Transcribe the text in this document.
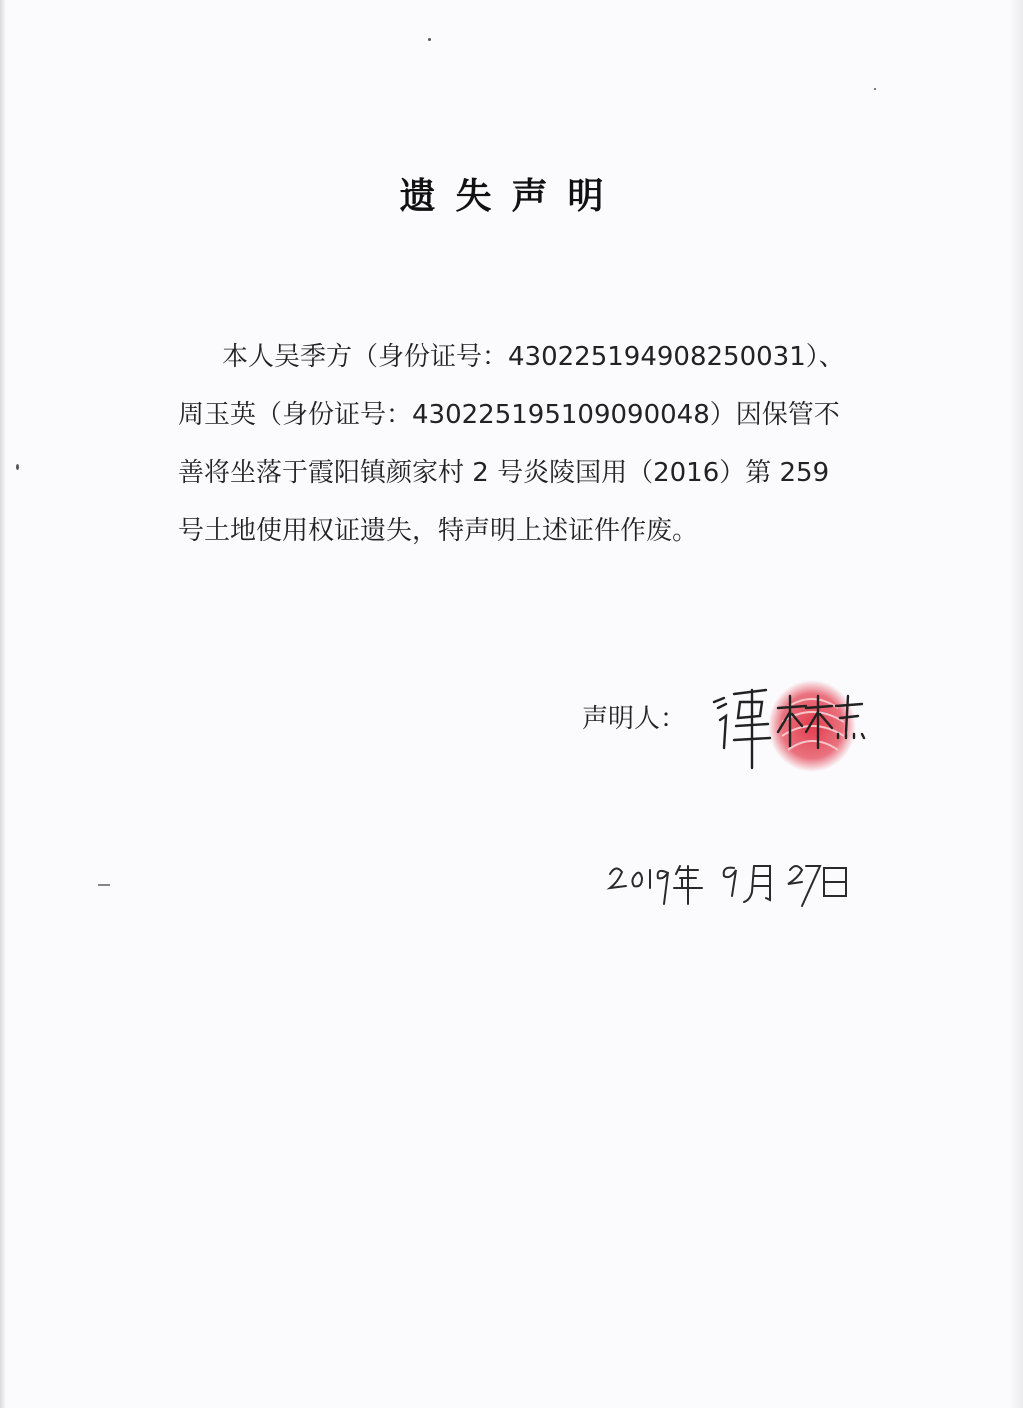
遗失声明
本人吴季方（身份证号：430225194908250031）、
周玉英（身份证号：430225195109090048）因保管不
善将坐落于霞阳镇颜家村 2 号炎陵国用（2016）第 259
号土地使用权证遗失，特声明上述证件作废。
声明人：
